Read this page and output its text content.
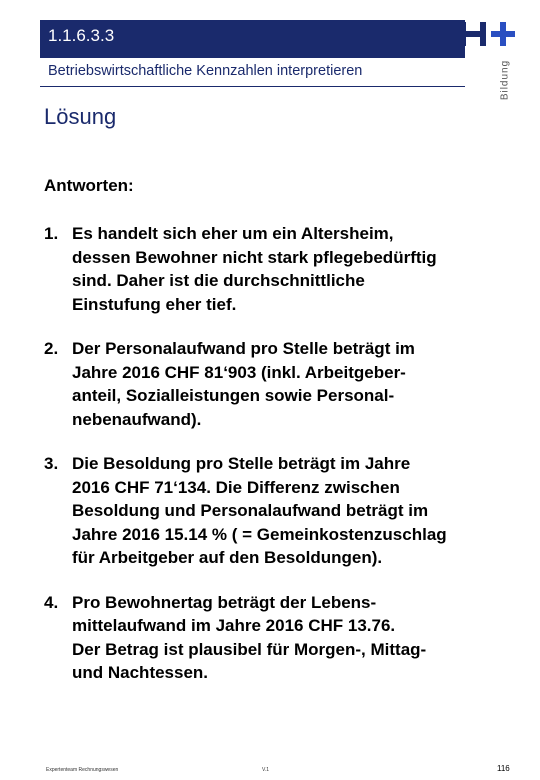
1.1.6.3.3
Betriebswirtschaftliche Kennzahlen interpretieren	Bildung
Lösung
Antworten:
1. Es handelt sich eher um ein Altersheim,
dessen Bewohner nicht stark pflegebedürftig
sind. Daher ist die durchschnittliche
Einstufung eher tief.
2. Der Personalaufwand pro Stelle beträgt im
Jahre 2016 CHF 81‘903 (inkl. Arbeitgeber-
anteil, Sozialleistungen sowie Personal-
nebenaufwand).
3. Die Besoldung pro Stelle beträgt im Jahre
2016 CHF 71‘134. Die Differenz zwischen
Besoldung und Personalaufwand beträgt im
Jahre 2016 15.14 % ( = Gemeinkostenzuschlag
für Arbeitgeber auf den Besoldungen).
4. Pro Bewohnertag beträgt der Lebens-
mittelaufwand im Jahre 2016 CHF 13.76.
Der Betrag ist plausibel für Morgen-, Mittag-
und Nachtessen.
Expertenteam Rechnungswesen	V.1	116
